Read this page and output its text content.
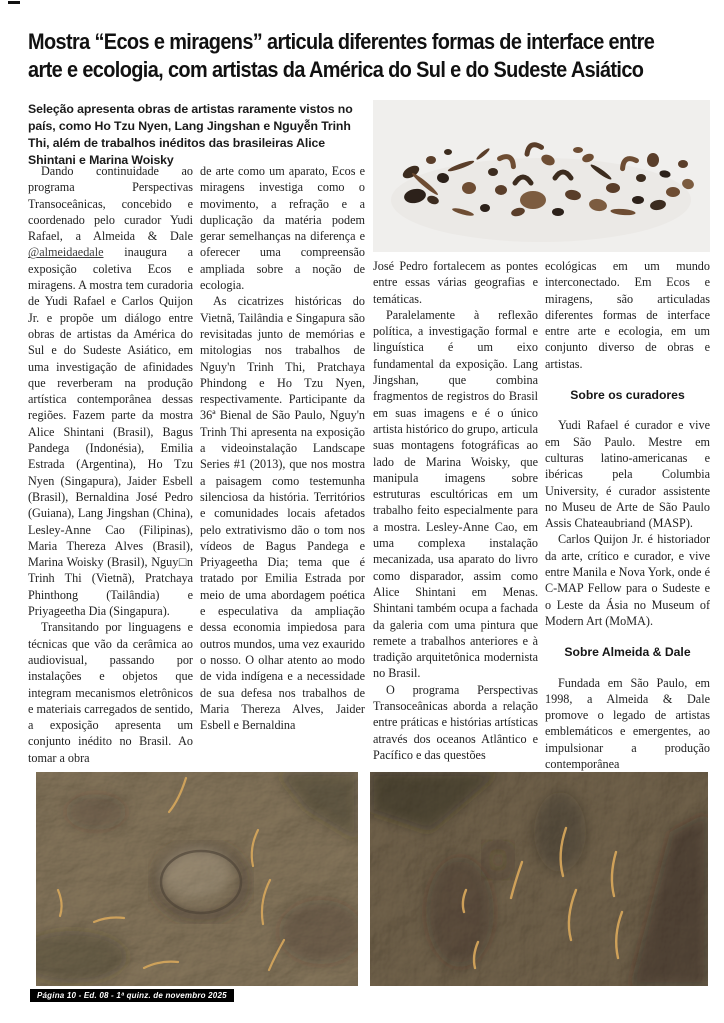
Mostra “Ecos e miragens” articula diferentes formas de interface entre
arte e ecologia, com artistas da América do Sul e do Sudeste Asiático

Seleção apresenta obras de artistas raramente vistos no país, como Ho Tzu Nyen, Lang Jingshan e Nguyễn Trinh Thi, além de trabalhos inéditos das brasileiras Alice Shintani e Marina Woisky

Dando continuidade ao programa Perspectivas Transoceânicas, concebido e coordenado pelo curador Yudi Rafael, a Almeida & Dale @almeidaedale inaugura a exposição coletiva Ecos e miragens. A mostra tem curadoria de Yudi Rafael e Carlos Quijon Jr. e propõe um diálogo entre obras de artistas da América do Sul e do Sudeste Asiático, em uma investigação de afinidades que reverberam na produção artística contemporânea dessas regiões. Fazem parte da mostra Alice Shintani (Brasil), Bagus Pandega (Indonésia), Emilia Estrada (Argentina), Ho Tzu Nyen (Singapura), Jaider Esbell (Brasil), Bernaldina José Pedro (Guiana), Lang Jingshan (China), Lesley-Anne Cao (Filipinas), Maria Thereza Alves (Brasil), Marina Woisky (Brasil), Nguy□n Trinh Thi (Vietnã), Pratchaya Phinthong (Tailândia) e Priyageetha Dia (Singapura).

Transitando por linguagens e técnicas que vão da cerâmica ao audiovisual, passando por instalações e objetos que integram mecanismos eletrônicos e materiais carregados de sentido, a exposição apresenta um conjunto inédito no Brasil. Ao tomar a obra

de arte como um aparato, Ecos e miragens investiga como o movimento, a refração e a duplicação da matéria podem gerar semelhanças na diferença e oferecer uma compreensão ampliada sobre a noção de ecologia.

As cicatrizes históricas do Vietnã, Tailândia e Singapura são revisitadas junto de memórias e mitologias nos trabalhos de Nguy'n Trinh Thi, Pratchaya Phindong e Ho Tzu Nyen, respectivamente. Participante da 36ª Bienal de São Paulo, Nguy'n Trinh Thi apresenta na exposição a videoinstalação Landscape Series #1 (2013), que nos mostra a paisagem como testemunha silenciosa da história. Territórios e comunidades locais afetados pelo extrativismo dão o tom nos vídeos de Bagus Pandega e Priyageetha Dia; tema que é tratado por Emilia Estrada por meio de uma abordagem poética e especulativa da ampliação dessa economia impiedosa para outros mundos, uma vez exaurido o nosso. O olhar atento ao modo de vida indígena e a necessidade de sua defesa nos trabalhos de Maria Thereza Alves, Jaider Esbell e Bernaldina

José Pedro fortalecem as pontes entre essas várias geografias e temáticas.

Paralelamente à reflexão política, a investigação formal e linguística é um eixo fundamental da exposição. Lang Jingshan, que combina fragmentos de registros do Brasil em suas imagens e é o único artista histórico do grupo, articula suas montagens fotográficas ao lado de Marina Woisky, que manipula imagens sobre estruturas escultóricas em um trabalho feito especialmente para a mostra. Lesley-Anne Cao, em uma complexa instalação mecanizada, usa aparato do livro como disparador, assim como Alice Shintani em Menas. Shintani também ocupa a fachada da galeria com uma pintura que remete a trabalhos anteriores e à tradição arquitetônica modernista no Brasil.

O programa Perspectivas Transoceânicas aborda a relação entre práticas e histórias artísticas através dos oceanos Atlântico e Pacífico e das questões

ecológicas em um mundo interconectado. Em Ecos e miragens, são articuladas diferentes formas de interface entre arte e ecologia, em um conjunto diverso de obras e artistas.

Sobre os curadores

Yudi Rafael é curador e vive em São Paulo. Mestre em culturas latino-americanas e ibéricas pela Columbia University, é curador assistente no Museu de Arte de São Paulo Assis Chateaubriand (MASP).

Carlos Quijon Jr. é historiador da arte, crítico e curador, e vive entre Manila e Nova York, onde é C-MAP Fellow para o Sudeste e o Leste da Ásia no Museum of Modern Art (MoMA).

Sobre Almeida & Dale

Fundada em São Paulo, em 1998, a Almeida & Dale promove o legado de artistas emblemáticos e emergentes, ao impulsionar a produção contemporânea

Página 10 - Ed. 08 - 1ª quinz. de novembro 2025
